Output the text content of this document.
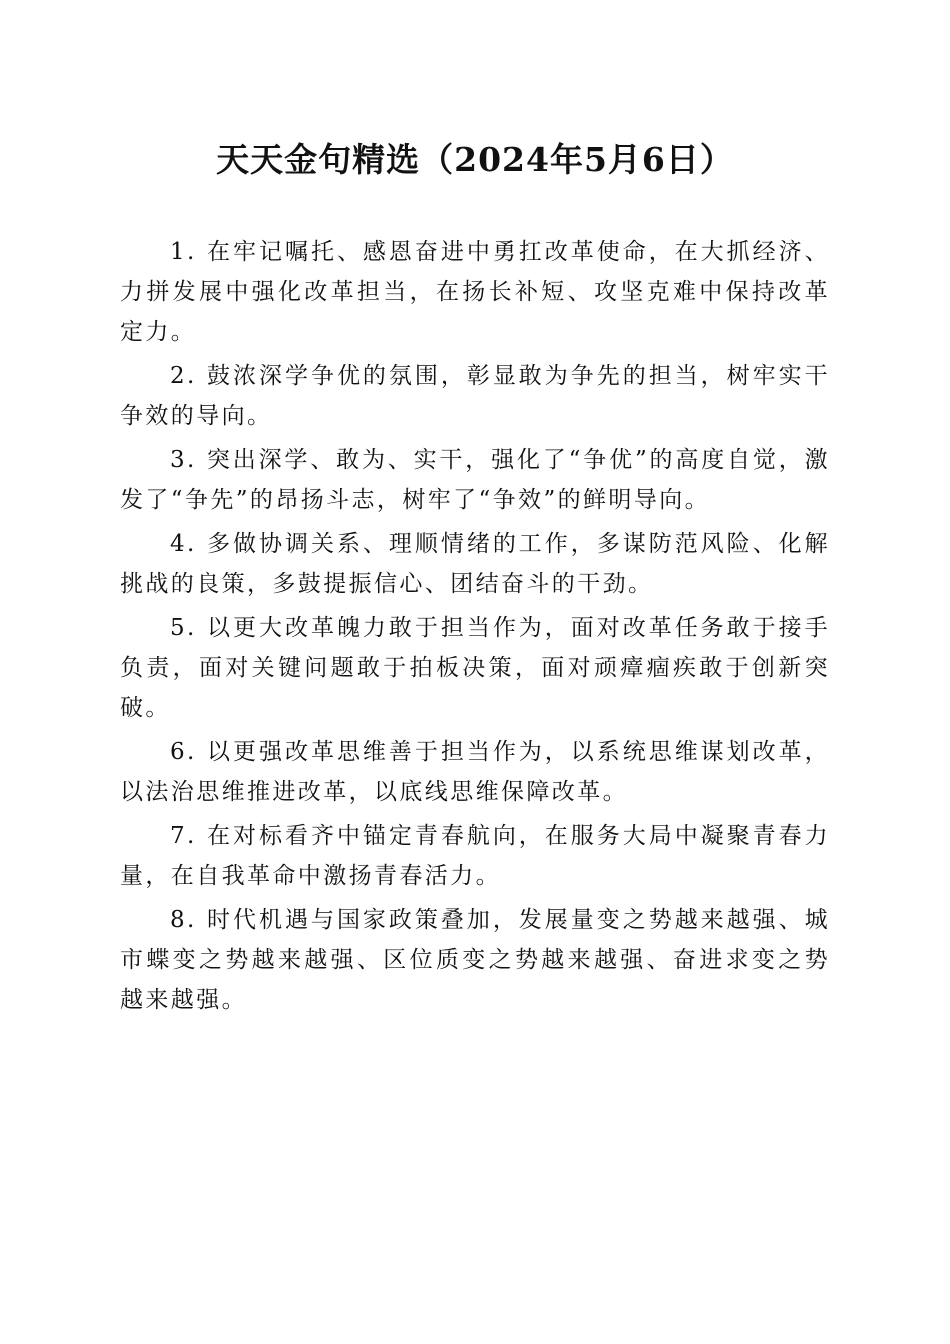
天天金句精选（2024年5月6日）

1. 在牢记嘱托、感恩奋进中勇扛改革使命，在大抓经济、力拼发展中强化改革担当，在扬长补短、攻坚克难中保持改革定力。

2. 鼓浓深学争优的氛围，彰显敢为争先的担当，树牢实干争效的导向。

3. 突出深学、敢为、实干，强化了“争优”的高度自觉，激发了“争先”的昂扬斗志，树牢了“争效”的鲜明导向。

4. 多做协调关系、理顺情绪的工作，多谋防范风险、化解挑战的良策，多鼓提振信心、团结奋斗的干劲。

5. 以更大改革魄力敢于担当作为，面对改革任务敢于接手负责，面对关键问题敢于拍板决策，面对顽瘴痼疾敢于创新突破。

6. 以更强改革思维善于担当作为，以系统思维谋划改革，以法治思维推进改革，以底线思维保障改革。

7. 在对标看齐中锚定青春航向，在服务大局中凝聚青春力量，在自我革命中激扬青春活力。

8. 时代机遇与国家政策叠加，发展量变之势越来越强、城市蝶变之势越来越强、区位质变之势越来越强、奋进求变之势越来越强。
